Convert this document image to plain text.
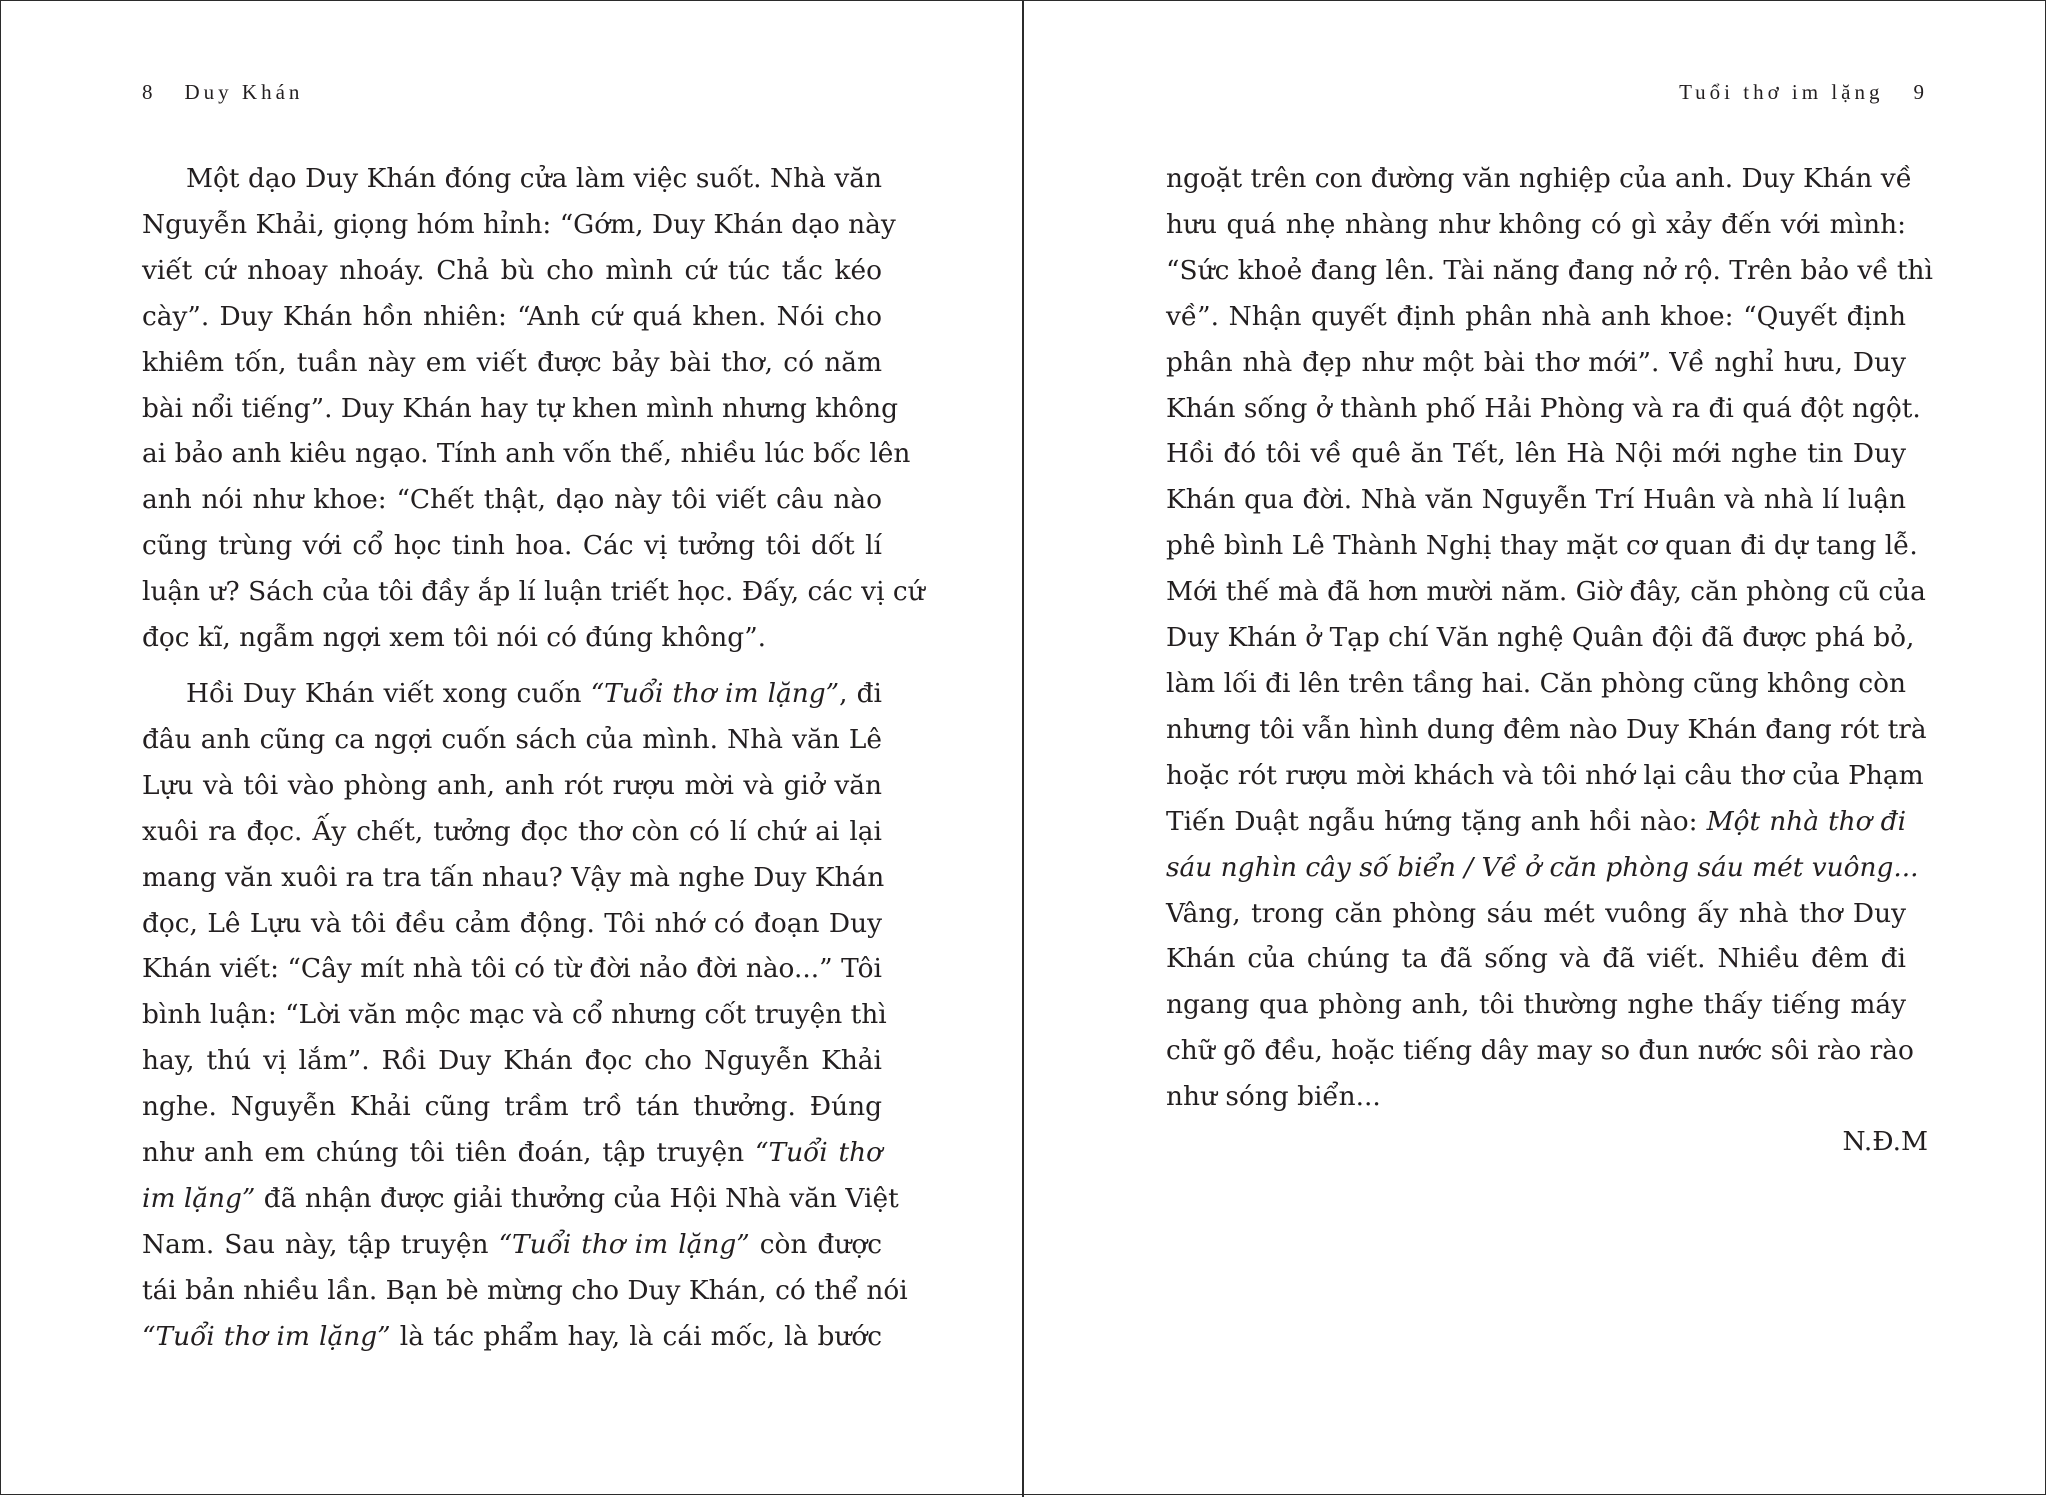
8 Duy Khán
Một dạo Duy Khán đóng cửa làm việc suốt. Nhà văn
Nguyễn Khải, giọng hóm hỉnh: “Gớm, Duy Khán dạo này
viết cứ nhoay nhoáy. Chả bù cho mình cứ túc tắc kéo
cày”. Duy Khán hồn nhiên: “Anh cứ quá khen. Nói cho
khiêm tốn, tuần này em viết được bảy bài thơ, có năm
bài nổi tiếng”. Duy Khán hay tự khen mình nhưng không
ai bảo anh kiêu ngạo. Tính anh vốn thế, nhiều lúc bốc lên
anh nói như khoe: “Chết thật, dạo này tôi viết câu nào
cũng trùng với cổ học tinh hoa. Các vị tưởng tôi dốt lí
luận ư? Sách của tôi đầy ắp lí luận triết học. Đấy, các vị cứ
đọc kĩ, ngẫm ngợi xem tôi nói có đúng không”.
Hồi Duy Khán viết xong cuốn “Tuổi thơ im lặng”, đi
đâu anh cũng ca ngợi cuốn sách của mình. Nhà văn Lê
Lựu và tôi vào phòng anh, anh rót rượu mời và giở văn
xuôi ra đọc. Ấy chết, tưởng đọc thơ còn có lí chứ ai lại
mang văn xuôi ra tra tấn nhau? Vậy mà nghe Duy Khán
đọc, Lê Lựu và tôi đều cảm động. Tôi nhớ có đoạn Duy
Khán viết: “Cây mít nhà tôi có từ đời nảo đời nào...” Tôi
bình luận: “Lời văn mộc mạc và cổ nhưng cốt truyện thì
hay, thú vị lắm”. Rồi Duy Khán đọc cho Nguyễn Khải
nghe. Nguyễn Khải cũng trầm trồ tán thưởng. Đúng
như anh em chúng tôi tiên đoán, tập truyện “Tuổi thơ
im lặng” đã nhận được giải thưởng của Hội Nhà văn Việt
Nam. Sau này, tập truyện “Tuổi thơ im lặng” còn được
tái bản nhiều lần. Bạn bè mừng cho Duy Khán, có thể nói
“Tuổi thơ im lặng” là tác phẩm hay, là cái mốc, là bước
Tuổi thơ im lặng 9
ngoặt trên con đường văn nghiệp của anh. Duy Khán về
hưu quá nhẹ nhàng như không có gì xảy đến với mình:
“Sức khoẻ đang lên. Tài năng đang nở rộ. Trên bảo về thì
về”. Nhận quyết định phân nhà anh khoe: “Quyết định
phân nhà đẹp như một bài thơ mới”. Về nghỉ hưu, Duy
Khán sống ở thành phố Hải Phòng và ra đi quá đột ngột.
Hồi đó tôi về quê ăn Tết, lên Hà Nội mới nghe tin Duy
Khán qua đời. Nhà văn Nguyễn Trí Huân và nhà lí luận
phê bình Lê Thành Nghị thay mặt cơ quan đi dự tang lễ.
Mới thế mà đã hơn mười năm. Giờ đây, căn phòng cũ của
Duy Khán ở Tạp chí Văn nghệ Quân đội đã được phá bỏ,
làm lối đi lên trên tầng hai. Căn phòng cũng không còn
nhưng tôi vẫn hình dung đêm nào Duy Khán đang rót trà
hoặc rót rượu mời khách và tôi nhớ lại câu thơ của Phạm
Tiến Duật ngẫu hứng tặng anh hồi nào: Một nhà thơ đi
sáu nghìn cây số biển / Về ở căn phòng sáu mét vuông...
Vâng, trong căn phòng sáu mét vuông ấy nhà thơ Duy
Khán của chúng ta đã sống và đã viết. Nhiều đêm đi
ngang qua phòng anh, tôi thường nghe thấy tiếng máy
chữ gõ đều, hoặc tiếng dây may so đun nước sôi rào rào
như sóng biển...
N.Đ.M
